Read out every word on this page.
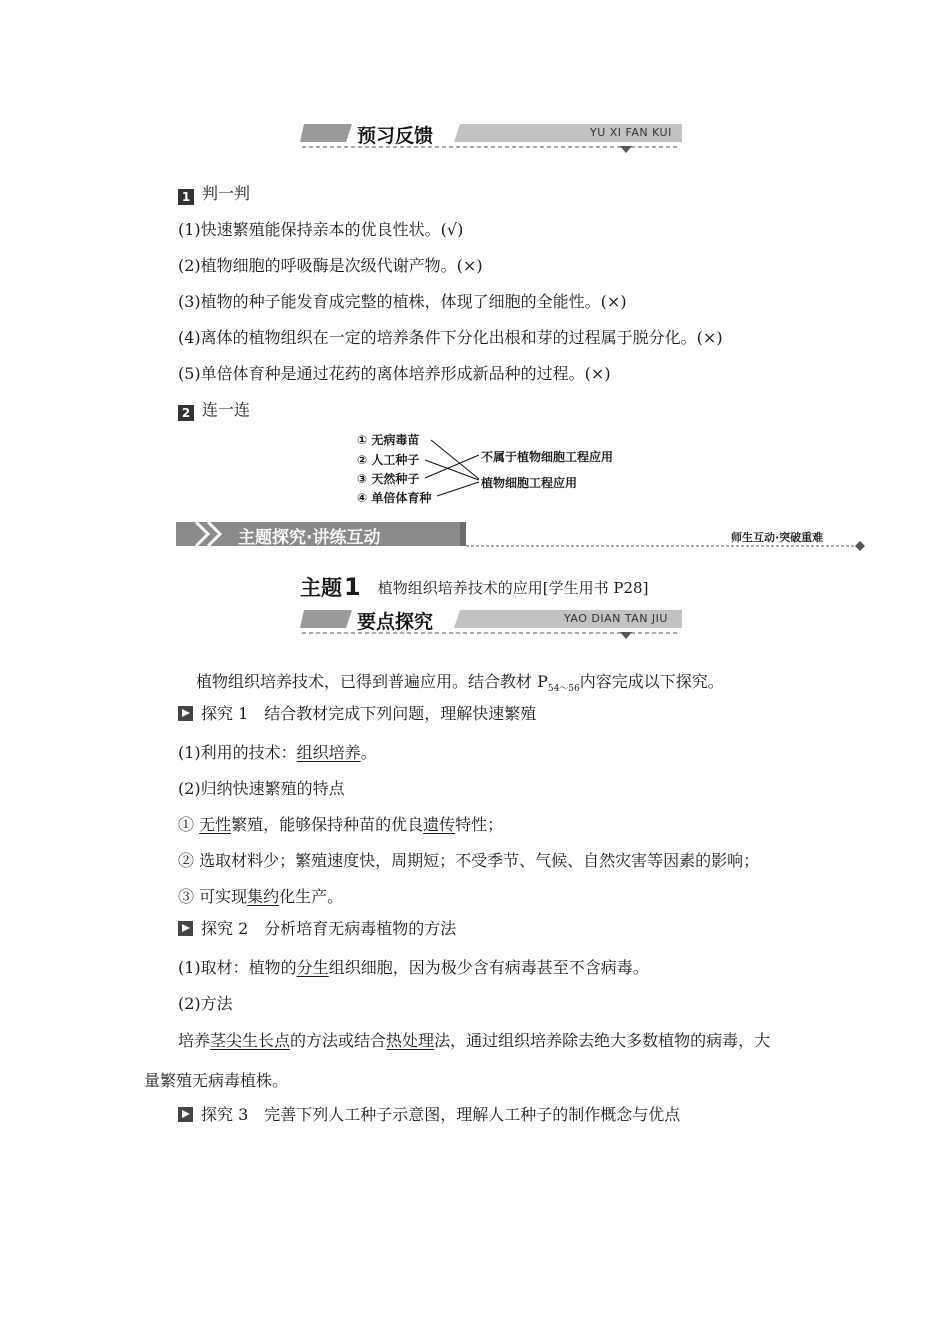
预习反馈	YU XI FAN KUI
1 判一判
(1)快速繁殖能保持亲本的优良性状。(√)
(2)植物细胞的呼吸酶是次级代谢产物。(×)
(3)植物的种子能发育成完整的植株，体现了细胞的全能性。(×)
(4)离体的植物组织在一定的培养条件下分化出根和芽的过程属于脱分化。(×)
(5)单倍体育种是通过花药的离体培养形成新品种的过程。(×)
2 连一连
① 无病毒苗
② 人工种子
③ 天然种子
④ 单倍体育种
不属于植物细胞工程应用
植物细胞工程应用
主题探究·讲练互动	师生互动·突破重难
主题1 植物组织培养技术的应用[学生用书 P28]
要点探究	YAO DIAN TAN JIU
植物组织培养技术，已得到普遍应用。结合教材 $P_{54\sim 56}$内容完成以下探究。
探究 1　结合教材完成下列问题，理解快速繁殖
(1)利用的技术：组织培养。
(2)归纳快速繁殖的特点
① 无性繁殖，能够保持种苗的优良遗传特性；
② 选取材料少；繁殖速度快，周期短；不受季节、气候、自然灾害等因素的影响；
③ 可实现集约化生产。
探究 2　分析培育无病毒植物的方法
(1)取材：植物的分生组织细胞，因为极少含有病毒甚至不含病毒。
(2)方法
培养茎尖生长点的方法或结合热处理法，通过组织培养除去绝大多数植物的病毒，大
量繁殖无病毒植株。
探究 3　完善下列人工种子示意图，理解人工种子的制作概念与优点
